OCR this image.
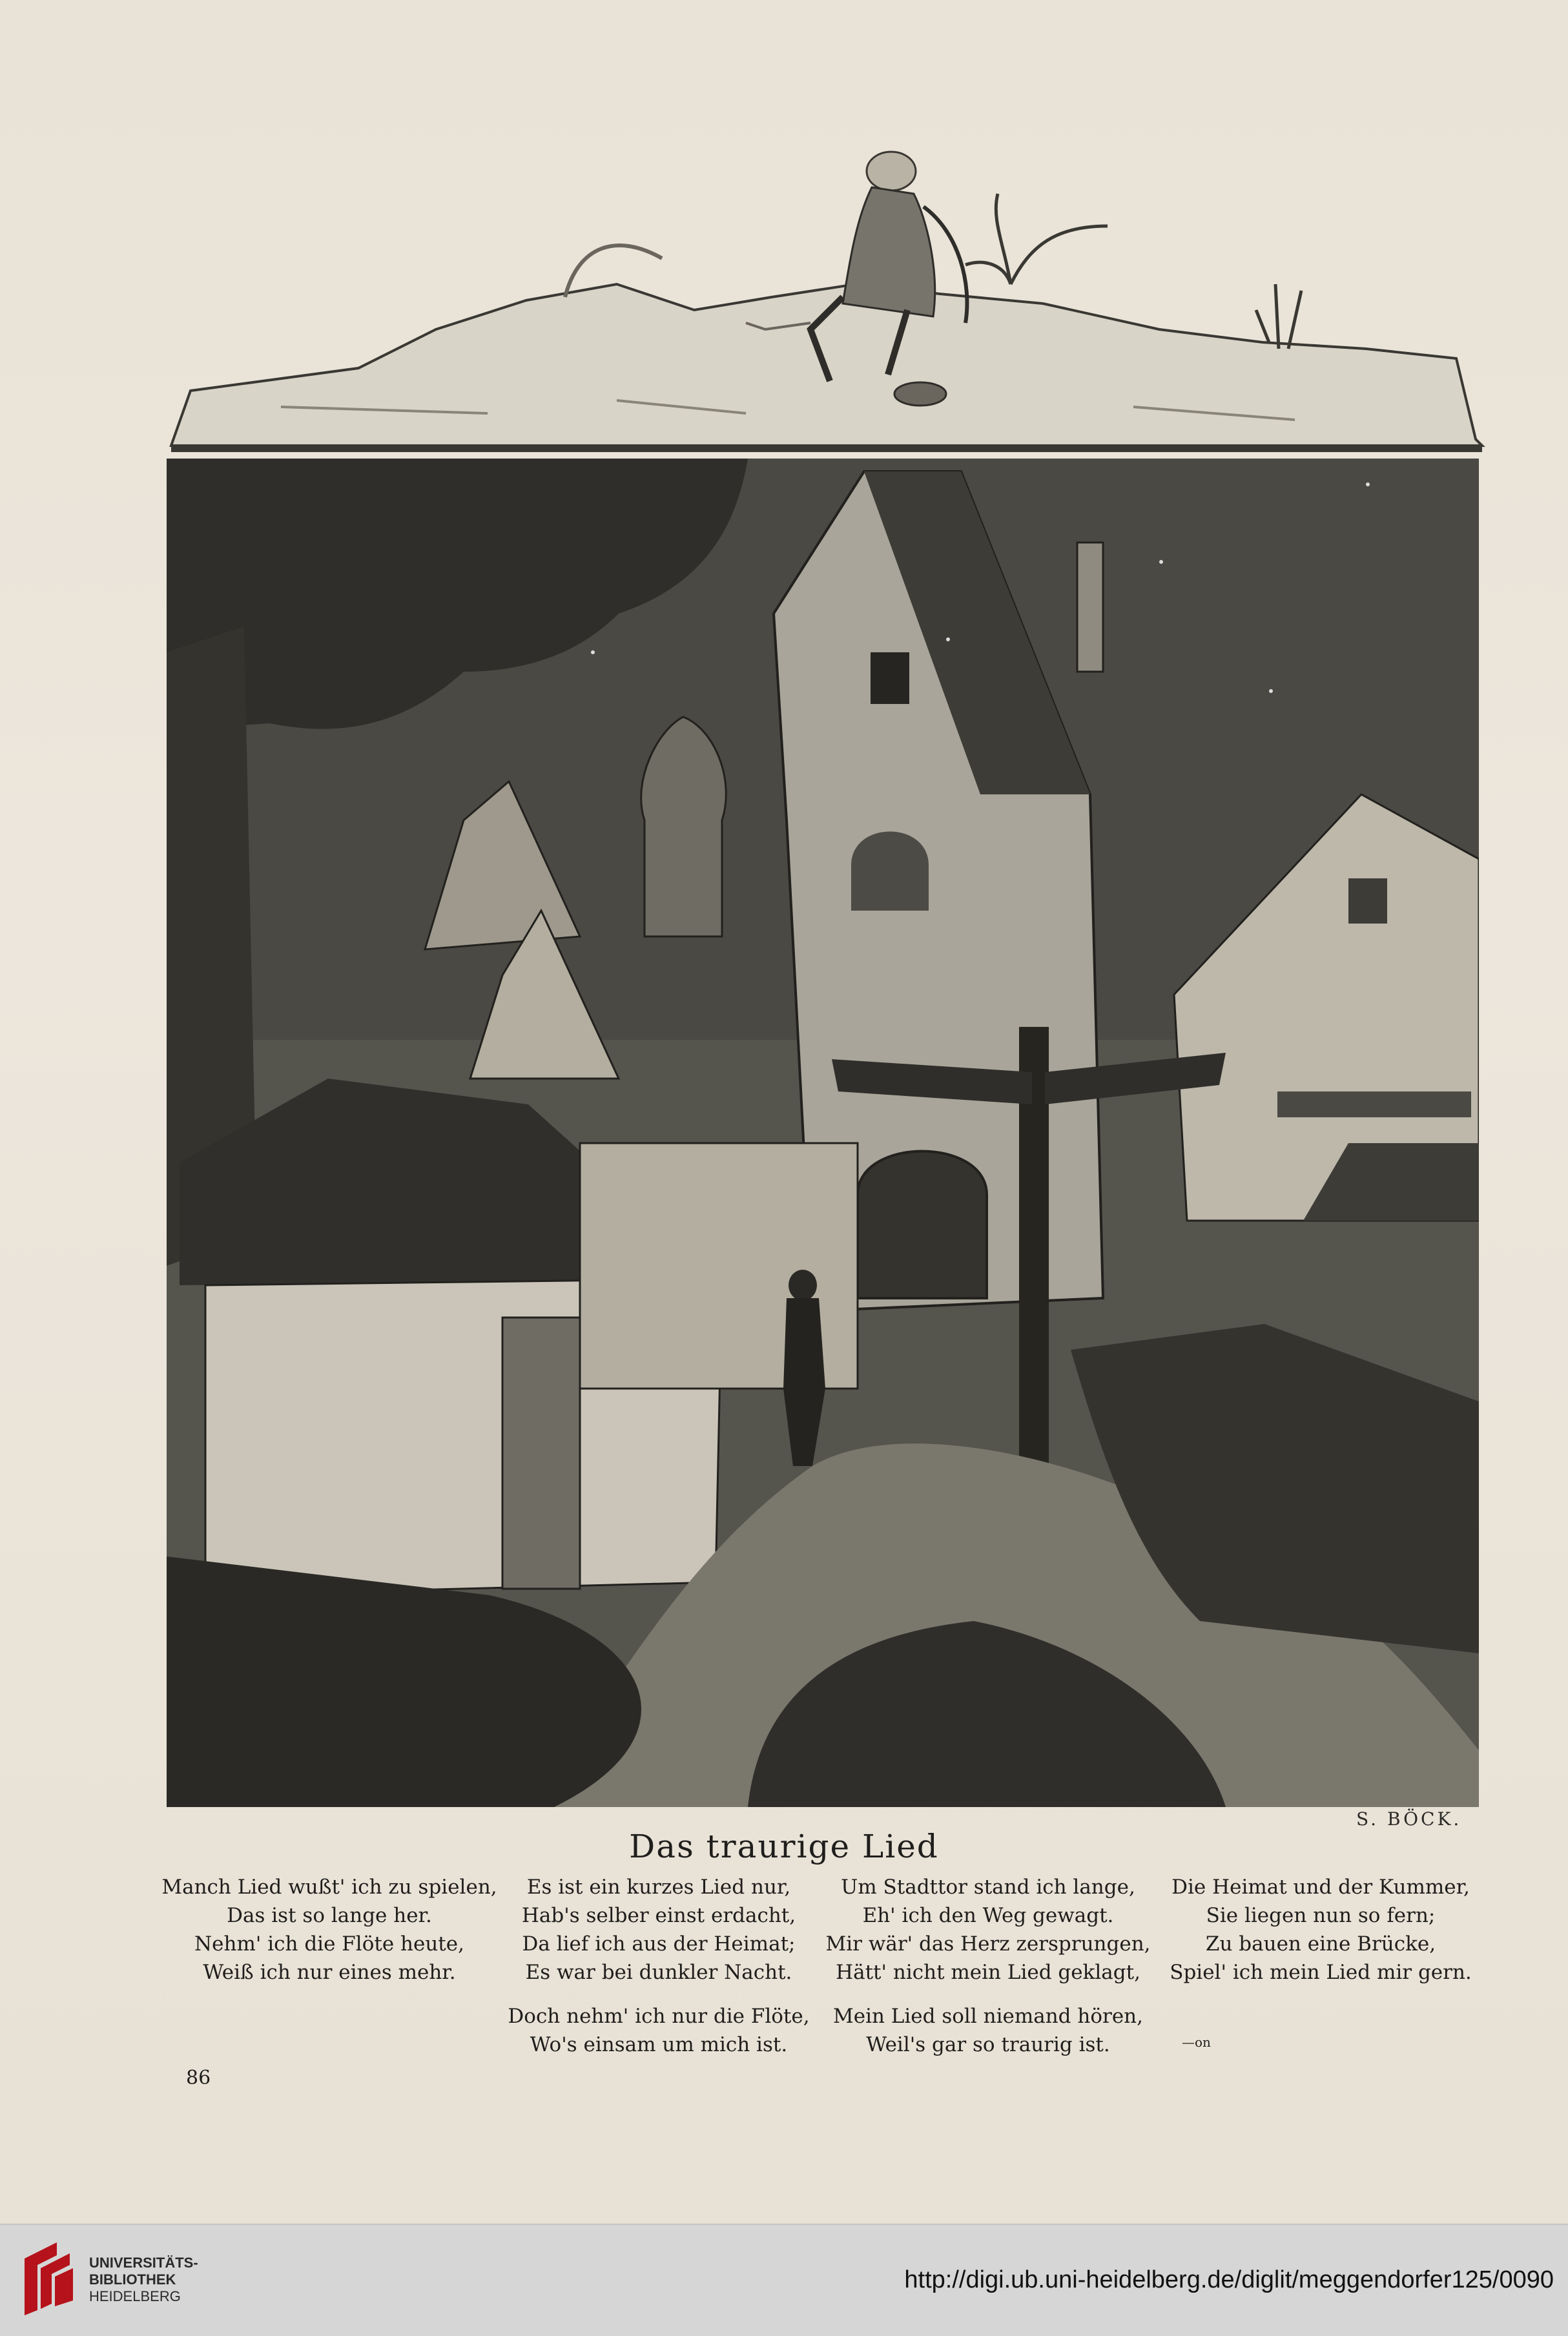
S. BÖCK.
Das traurige Lied
Manch Lied wußt' ich zu spielen,
Das ist so lange her.
Nehm' ich die Flöte heute,
Weiß ich nur eines mehr.
Es ist ein kurzes Lied nur,
Hab's selber einst erdacht,
Da lief ich aus der Heimat;
Es war bei dunkler Nacht.
Um Stadttor stand ich lange,
Eh' ich den Weg gewagt.
Mir wär' das Herz zersprungen,
Hätt' nicht mein Lied geklagt,
Die Heimat und der Kummer,
Sie liegen nun so fern;
Zu bauen eine Brücke,
Spiel' ich mein Lied mir gern.
Doch nehm' ich nur die Flöte,
Wo's einsam um mich ist.
Mein Lied soll niemand hören,
Weil's gar so traurig ist.	—on
86
UNIVERSITÄTS-
BIBLIOTHEK
HEIDELBERG
http://digi.ub.uni-heidelberg.de/diglit/meggendorfer125/0090
